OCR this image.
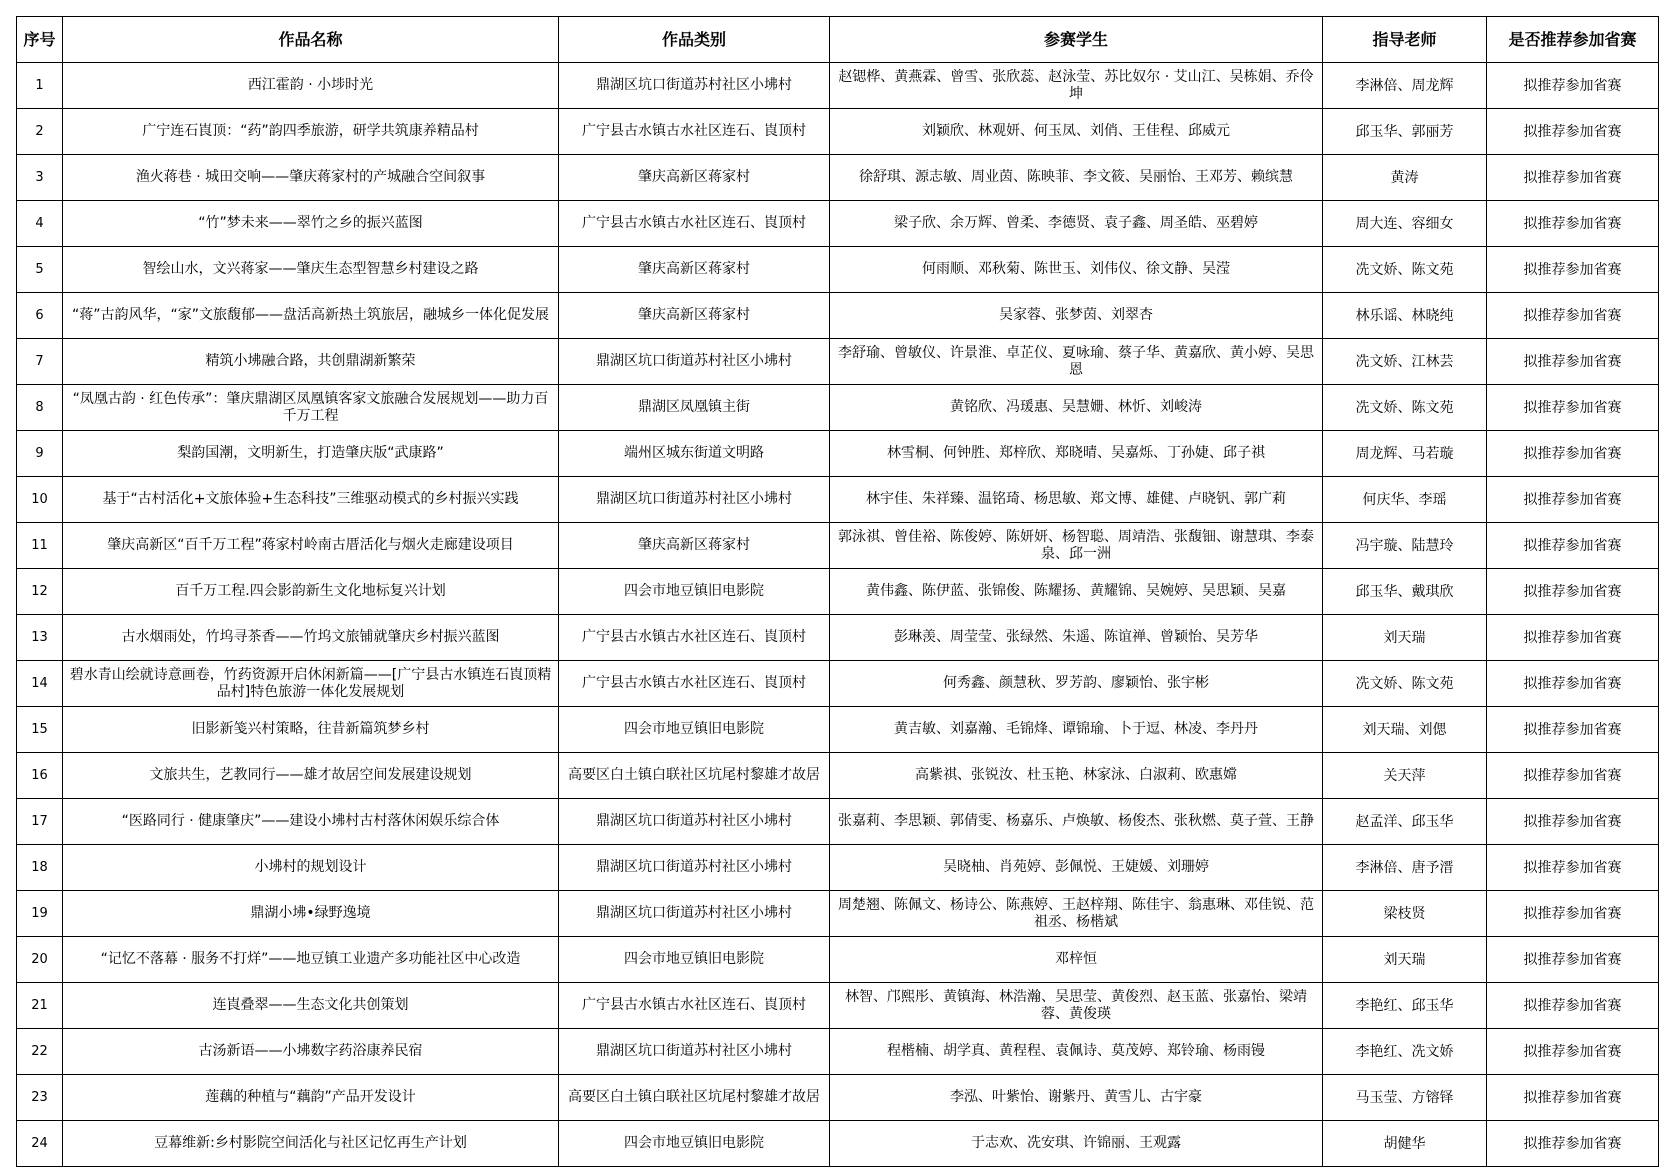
序号	作品名称	作品类别	参赛学生	指导老师	是否推荐参加省赛
1	西江霍韵 · 小埗时光	鼎湖区坑口街道苏村社区小坲村	赵锶桦、黄燕霖、曾雪、张欣蕊、赵泳莹、苏比奴尔 · 艾山江、吴栋娟、乔伶坤	李淋倍、周龙辉	拟推荐参加省赛
2	广宁连石崀顶：“药”韵四季旅游，研学共筑康养精品村	广宁县古水镇古水社区连石、崀顶村	刘颖欣、林观妍、何玉凤、刘俏、王佳程、邱威元	邱玉华、郭丽芳	拟推荐参加省赛
3	渔火蒋巷 · 城田交响——肇庆蒋家村的产城融合空间叙事	肇庆高新区蒋家村	徐舒琪、源志敏、周业茵、陈映菲、李文筱、吴丽怡、王邓芳、赖缤慧	黄涛	拟推荐参加省赛
4	“竹”梦未来——翠竹之乡的振兴蓝图	广宁县古水镇古水社区连石、崀顶村	梁子欣、余万辉、曾柔、李德贤、袁子鑫、周圣皓、巫碧婷	周大连、容细女	拟推荐参加省赛
5	智绘山水，文兴蒋家——肇庆生态型智慧乡村建设之路	肇庆高新区蒋家村	何雨顺、邓秋菊、陈世玉、刘伟仪、徐文静、吴滢	冼文娇、陈文苑	拟推荐参加省赛
6	“蒋”古韵风华，“家”文旅馥郁——盘活高新热土筑旅居，融城乡一体化促发展	肇庆高新区蒋家村	吴家蓉、张梦茵、刘翠杏	林乐谣、林晓纯	拟推荐参加省赛
7	精筑小坲融合路，共创鼎湖新繁荣	鼎湖区坑口街道苏村社区小坲村	李舒瑜、曾敏仪、许景淮、卓芷仪、夏咏瑜、蔡子华、黄嘉欣、黄小婷、吴思恩	冼文娇、江林芸	拟推荐参加省赛
8	“凤凰古韵 · 红色传承”：肇庆鼎湖区凤凰镇客家文旅融合发展规划——助力百千万工程	鼎湖区凤凰镇主街	黄铭欣、冯瑗惠、吴慧姗、林忻、刘峻涛	冼文娇、陈文苑	拟推荐参加省赛
9	梨韵国潮，文明新生，打造肇庆版“武康路”	端州区城东街道文明路	林雪桐、何钟胜、郑梓欣、郑晓晴、吴嘉烁、丁孙婕、邱子祺	周龙辉、马若璇	拟推荐参加省赛
10	基于“古村活化+文旅体验+生态科技”三维驱动模式的乡村振兴实践	鼎湖区坑口街道苏村社区小坲村	林宇佳、朱祥臻、温铭琦、杨思敏、郑文博、雄健、卢晓钒、郭广莉	何庆华、李瑶	拟推荐参加省赛
11	肇庆高新区“百千万工程”蒋家村岭南古厝活化与烟火走廊建设项目	肇庆高新区蒋家村	郭泳祺、曾佳裕、陈俊婷、陈妍妍、杨智聪、周靖浩、张馥钿、谢慧琪、李泰泉、邱一洲	冯宇璇、陆慧玲	拟推荐参加省赛
12	百千万工程.四会影韵新生文化地标复兴计划	四会市地豆镇旧电影院	黄伟鑫、陈伊蓝、张锦俊、陈耀扬、黄耀锦、吴婉婷、吴思颖、吴嘉	邱玉华、戴琪欣	拟推荐参加省赛
13	古水烟雨处，竹坞寻茶香——竹坞文旅铺就肇庆乡村振兴蓝图	广宁县古水镇古水社区连石、崀顶村	彭琳羡、周莹莹、张绿然、朱遥、陈谊禅、曾颖怡、吴芳华	刘天瑞	拟推荐参加省赛
14	碧水青山绘就诗意画卷，竹药资源开启休闲新篇——[广宁县古水镇连石崀顶精品村]特色旅游一体化发展规划	广宁县古水镇古水社区连石、崀顶村	何秀鑫、颜慧秋、罗芳韵、廖颖怡、张宇彬	冼文娇、陈文苑	拟推荐参加省赛
15	旧影新笺兴村策略，往昔新篇筑梦乡村	四会市地豆镇旧电影院	黄吉敏、刘嘉瀚、毛锦烽、谭锦瑜、卜于逗、林凌、李丹丹	刘天瑞、刘偲	拟推荐参加省赛
16	文旅共生，艺教同行——雄才故居空间发展建设规划	高要区白土镇白联社区坑尾村黎雄才故居	高紫祺、张锐汝、杜玉艳、林家泳、白淑莉、欧惠嫦	关天萍	拟推荐参加省赛
17	“医路同行 · 健康肇庆”——建设小坲村古村落休闲娱乐综合体	鼎湖区坑口街道苏村社区小坲村	张嘉莉、李思颖、郭倩雯、杨嘉乐、卢焕敏、杨俊杰、张秋燃、莫子萱、王静	赵孟洋、邱玉华	拟推荐参加省赛
18	小坲村的规划设计	鼎湖区坑口街道苏村社区小坲村	吴晓柚、肖苑婷、彭佩悦、王婕媛、刘珊婷	李淋倍、唐予溍	拟推荐参加省赛
19	鼎湖小坲•绿野逸境	鼎湖区坑口街道苏村社区小坲村	周楚翘、陈佩文、杨诗公、陈燕婷、王赵梓翔、陈佳宇、翁惠琳、邓佳锐、范祖丞、杨楷斌	梁枝贤	拟推荐参加省赛
20	“记忆不落幕 · 服务不打烊”——地豆镇工业遗产多功能社区中心改造	四会市地豆镇旧电影院	邓梓恒	刘天瑞	拟推荐参加省赛
21	连崀叠翠——生态文化共创策划	广宁县古水镇古水社区连石、崀顶村	林智、邝熙彤、黄镇海、林浩瀚、吴思莹、黄俊烈、赵玉蓝、张嘉怡、梁靖蓉、黄俊瑛	李艳红、邱玉华	拟推荐参加省赛
22	古汤新语——小坲数字药浴康养民宿	鼎湖区坑口街道苏村社区小坲村	程楷楠、胡学真、黄程程、袁佩诗、莫茂婷、郑铃瑜、杨雨镘	李艳红、冼文娇	拟推荐参加省赛
23	莲藕的种植与“藕韵”产品开发设计	高要区白土镇白联社区坑尾村黎雄才故居	李泓、叶紫怡、谢紫丹、黄雪儿、古宇豪	马玉莹、方镕铎	拟推荐参加省赛
24	豆幕维新:乡村影院空间活化与社区记忆再生产计划	四会市地豆镇旧电影院	于志欢、冼安琪、许锦丽、王观露	胡健华	拟推荐参加省赛
